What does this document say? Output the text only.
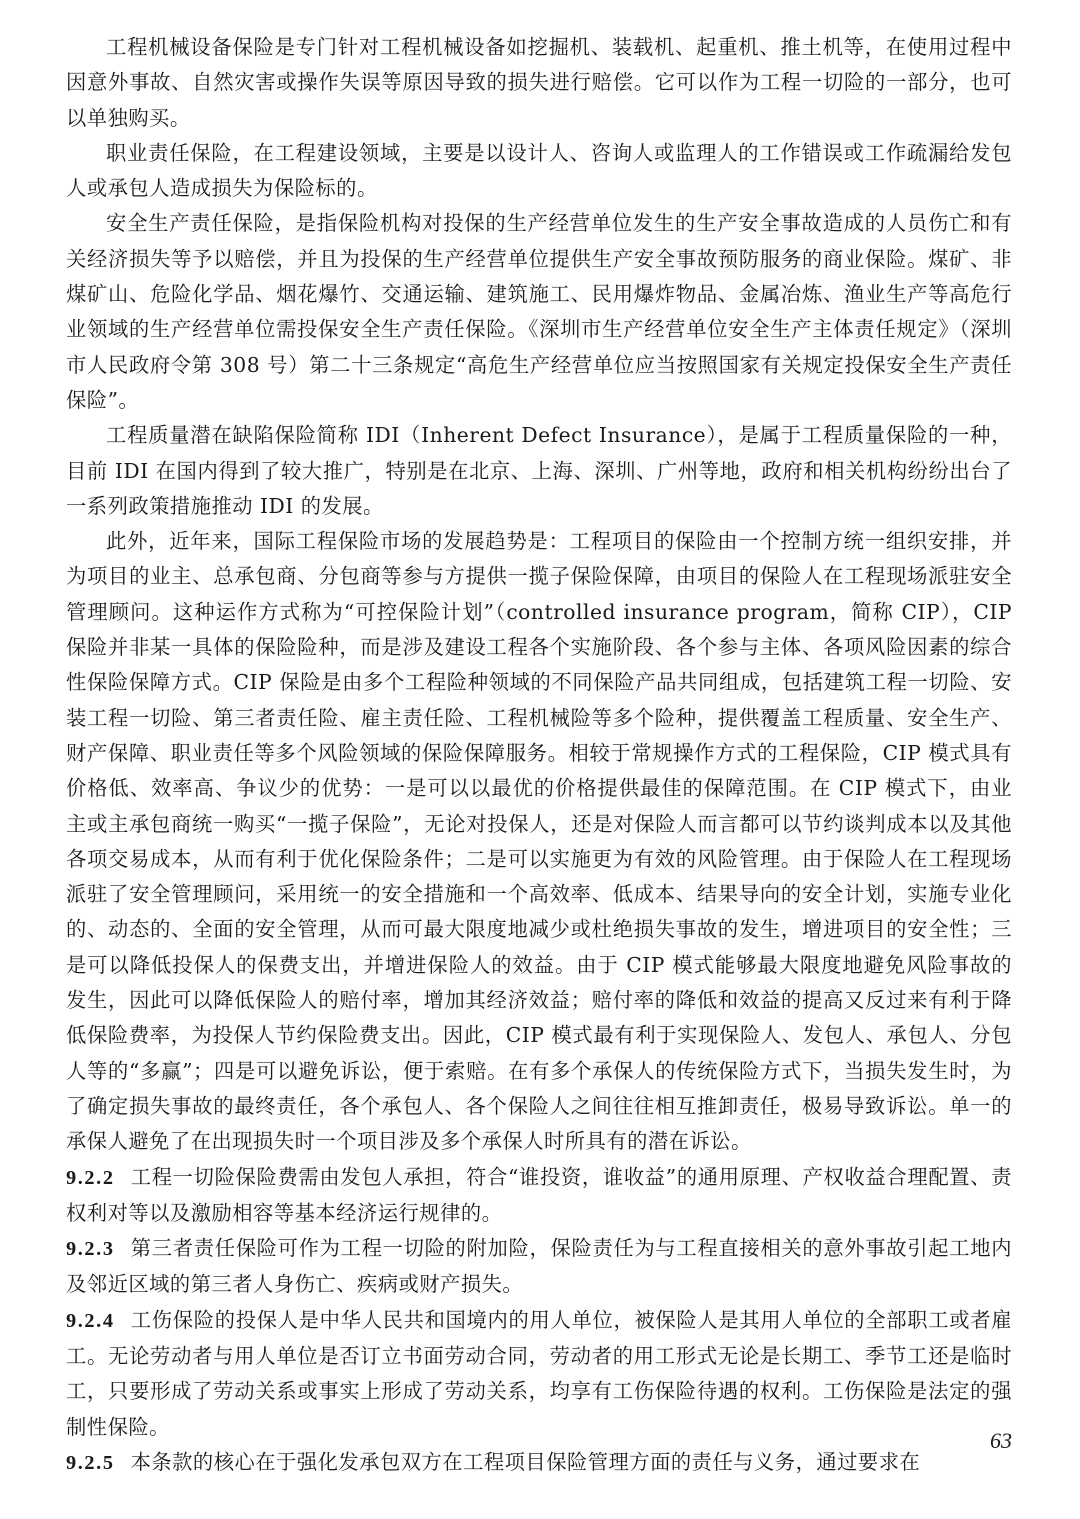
工程机械设备保险是专门针对工程机械设备如挖掘机、装载机、起重机、推土机等，在使用过程中因意外事故、自然灾害或操作失误等原因导致的损失进行赔偿。它可以作为工程一切险的一部分，也可以单独购买。

职业责任保险，在工程建设领域，主要是以设计人、咨询人或监理人的工作错误或工作疏漏给发包人或承包人造成损失为保险标的。

安全生产责任保险，是指保险机构对投保的生产经营单位发生的生产安全事故造成的人员伤亡和有关经济损失等予以赔偿，并且为投保的生产经营单位提供生产安全事故预防服务的商业保险。煤矿、非煤矿山、危险化学品、烟花爆竹、交通运输、建筑施工、民用爆炸物品、金属冶炼、渔业生产等高危行业领域的生产经营单位需投保安全生产责任保险。《深圳市生产经营单位安全生产主体责任规定》（深圳市人民政府令第 308 号）第二十三条规定“高危生产经营单位应当按照国家有关规定投保安全生产责任保险”。

工程质量潜在缺陷保险简称 IDI（Inherent Defect Insurance），是属于工程质量保险的一种，目前 IDI 在国内得到了较大推广，特别是在北京、上海、深圳、广州等地，政府和相关机构纷纷出台了一系列政策措施推动 IDI 的发展。

此外，近年来，国际工程保险市场的发展趋势是：工程项目的保险由一个控制方统一组织安排，并为项目的业主、总承包商、分包商等参与方提供一揽子保险保障，由项目的保险人在工程现场派驻安全管理顾问。这种运作方式称为“可控保险计划”（controlled insurance program，简称 CIP），CIP 保险并非某一具体的保险险种，而是涉及建设工程各个实施阶段、各个参与主体、各项风险因素的综合性保险保障方式。CIP 保险是由多个工程险种领域的不同保险产品共同组成，包括建筑工程一切险、安装工程一切险、第三者责任险、雇主责任险、工程机械险等多个险种，提供覆盖工程质量、安全生产、财产保障、职业责任等多个风险领域的保险保障服务。相较于常规操作方式的工程保险，CIP 模式具有价格低、效率高、争议少的优势：一是可以以最优的价格提供最佳的保障范围。在 CIP 模式下，由业主或主承包商统一购买“一揽子保险”，无论对投保人，还是对保险人而言都可以节约谈判成本以及其他各项交易成本，从而有利于优化保险条件；二是可以实施更为有效的风险管理。由于保险人在工程现场派驻了安全管理顾问，采用统一的安全措施和一个高效率、低成本、结果导向的安全计划，实施专业化的、动态的、全面的安全管理，从而可最大限度地减少或杜绝损失事故的发生，增进项目的安全性；三是可以降低投保人的保费支出，并增进保险人的效益。由于 CIP 模式能够最大限度地避免风险事故的发生，因此可以降低保险人的赔付率，增加其经济效益；赔付率的降低和效益的提高又反过来有利于降低保险费率，为投保人节约保险费支出。因此，CIP 模式最有利于实现保险人、发包人、承包人、分包人等的“多赢”；四是可以避免诉讼，便于索赔。在有多个承保人的传统保险方式下，当损失发生时，为了确定损失事故的最终责任，各个承包人、各个保险人之间往往相互推卸责任，极易导致诉讼。单一的承保人避免了在出现损失时一个项目涉及多个承保人时所具有的潜在诉讼。

9.2.2 工程一切险保险费需由发包人承担，符合“谁投资，谁收益”的通用原理、产权收益合理配置、责权利对等以及激励相容等基本经济运行规律的。

9.2.3 第三者责任保险可作为工程一切险的附加险，保险责任为与工程直接相关的意外事故引起工地内及邻近区域的第三者人身伤亡、疾病或财产损失。

9.2.4 工伤保险的投保人是中华人民共和国境内的用人单位，被保险人是其用人单位的全部职工或者雇工。无论劳动者与用人单位是否订立书面劳动合同，劳动者的用工形式无论是长期工、季节工还是临时工，只要形成了劳动关系或事实上形成了劳动关系，均享有工伤保险待遇的权利。工伤保险是法定的强制性保险。

9.2.5 本条款的核心在于强化发承包双方在工程项目保险管理方面的责任与义务，通过要求在

63
